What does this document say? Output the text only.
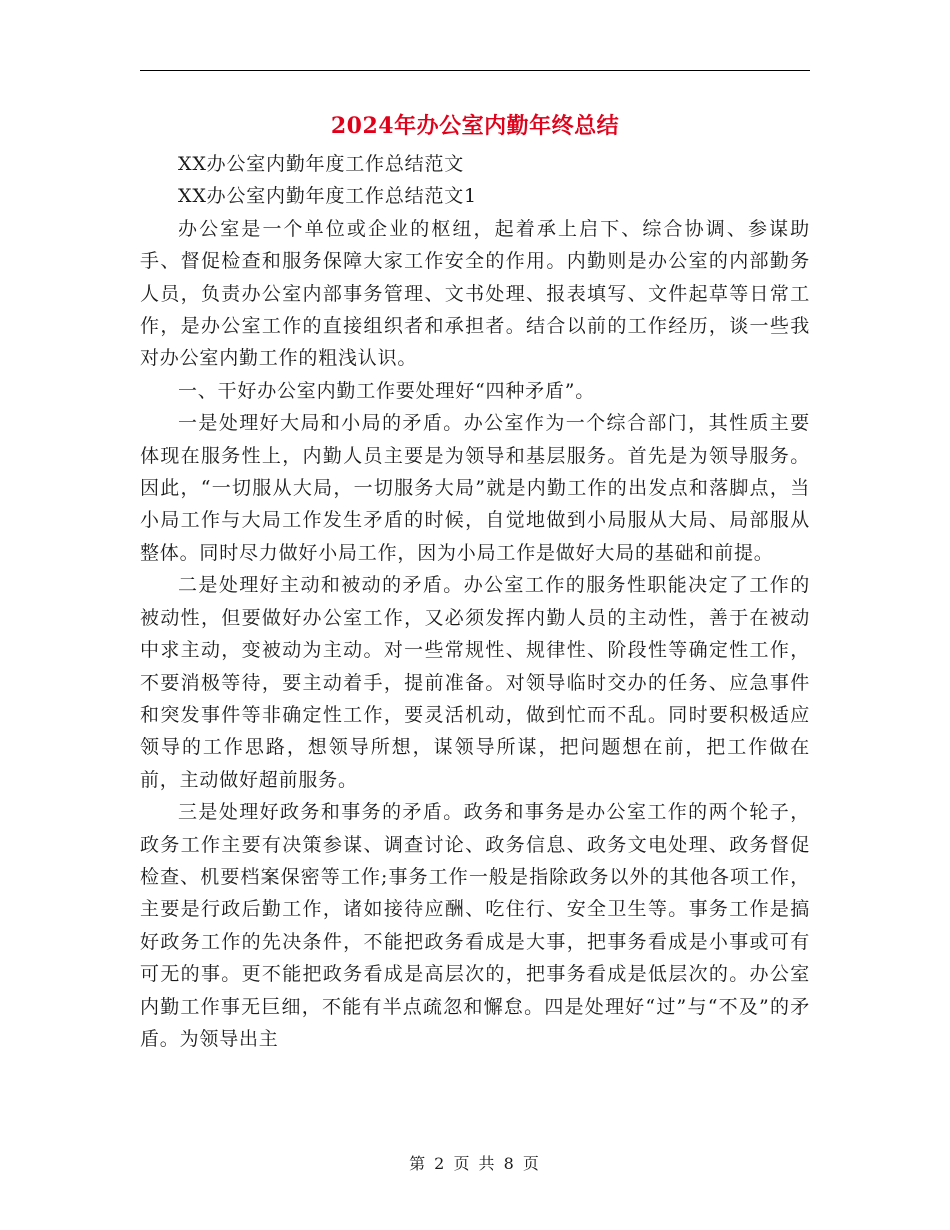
2024年办公室内勤年终总结

XX办公室内勤年度工作总结范文

XX办公室内勤年度工作总结范文1

办公室是一个单位或企业的枢纽，起着承上启下、综合协调、参谋助手、督促检查和服务保障大家工作安全的作用。内勤则是办公室的内部勤务人员，负责办公室内部事务管理、文书处理、报表填写、文件起草等日常工作，是办公室工作的直接组织者和承担者。结合以前的工作经历，谈一些我对办公室内勤工作的粗浅认识。

一、干好办公室内勤工作要处理好“四种矛盾”。

一是处理好大局和小局的矛盾。办公室作为一个综合部门，其性质主要体现在服务性上，内勤人员主要是为领导和基层服务。首先是为领导服务。因此，“一切服从大局，一切服务大局”就是内勤工作的出发点和落脚点，当小局工作与大局工作发生矛盾的时候，自觉地做到小局服从大局、局部服从整体。同时尽力做好小局工作，因为小局工作是做好大局的基础和前提。

二是处理好主动和被动的矛盾。办公室工作的服务性职能决定了工作的被动性，但要做好办公室工作，又必须发挥内勤人员的主动性，善于在被动中求主动，变被动为主动。对一些常规性、规律性、阶段性等确定性工作，不要消极等待，要主动着手，提前准备。对领导临时交办的任务、应急事件和突发事件等非确定性工作，要灵活机动，做到忙而不乱。同时要积极适应领导的工作思路，想领导所想，谋领导所谋，把问题想在前，把工作做在前，主动做好超前服务。

三是处理好政务和事务的矛盾。政务和事务是办公室工作的两个轮子，政务工作主要有决策参谋、调查讨论、政务信息、政务文电处理、政务督促检查、机要档案保密等工作;事务工作一般是指除政务以外的其他各项工作，主要是行政后勤工作，诸如接待应酬、吃住行、安全卫生等。事务工作是搞好政务工作的先决条件，不能把政务看成是大事，把事务看成是小事或可有可无的事。更不能把政务看成是高层次的，把事务看成是低层次的。办公室内勤工作事无巨细，不能有半点疏忽和懈怠。四是处理好“过”与“不及”的矛盾。为领导出主

第 2 页 共 8 页
